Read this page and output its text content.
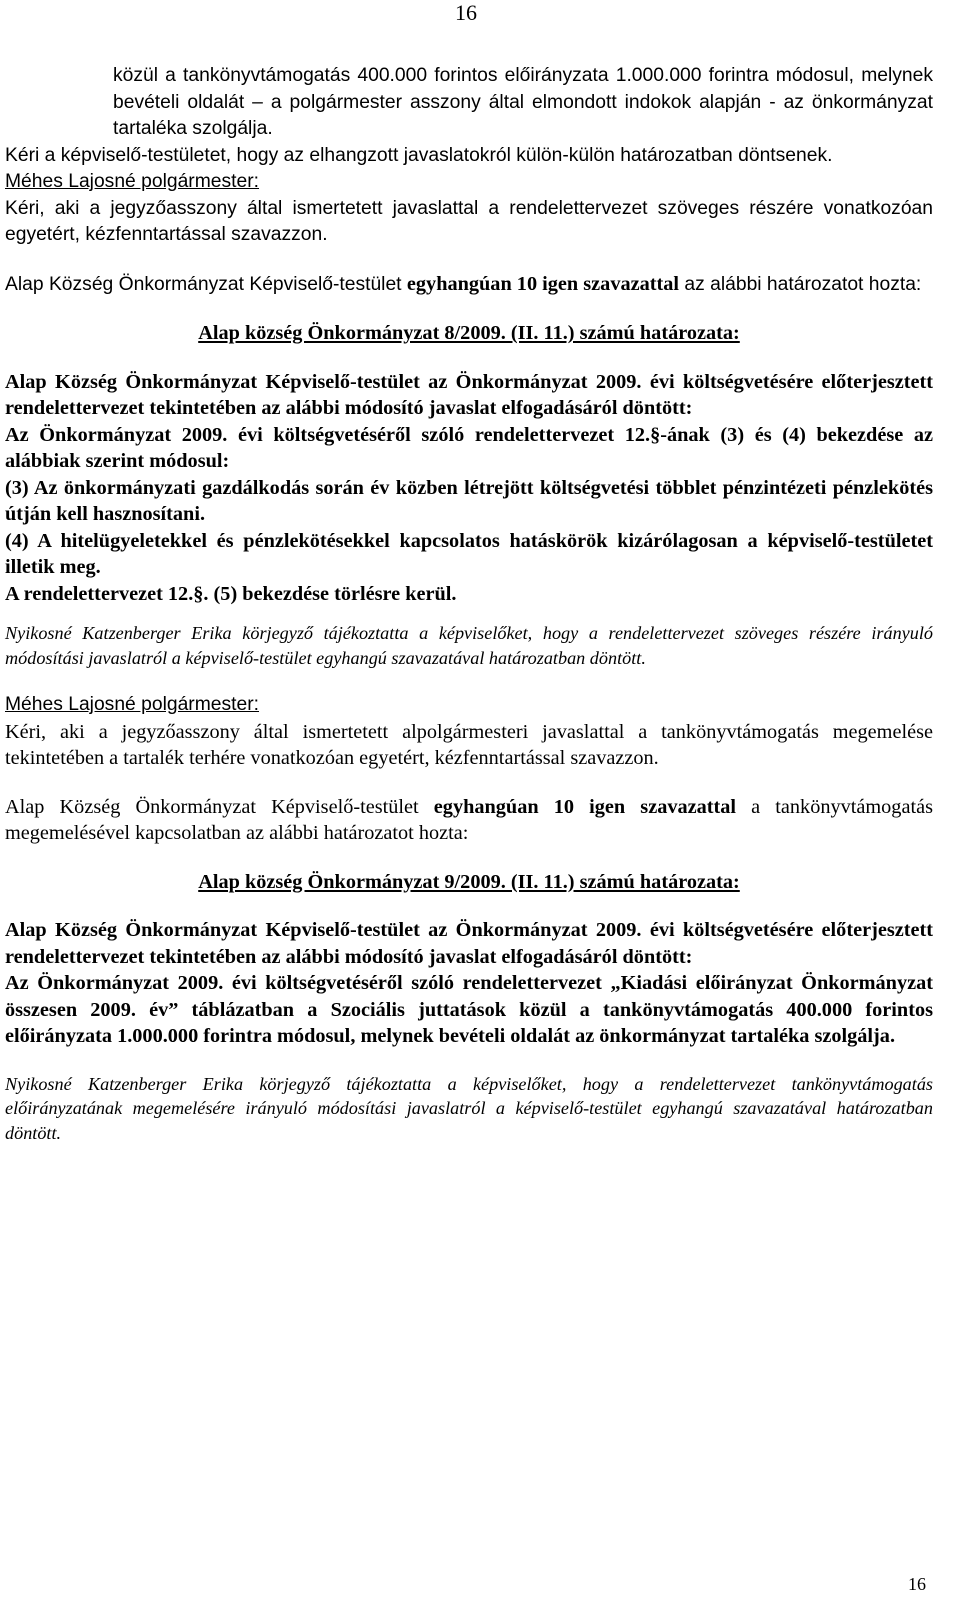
16

közül a tankönyvtámogatás 400.000 forintos előirányzata 1.000.000 forintra módosul, melynek bevételi oldalát – a polgármester asszony által elmondott indokok alapján - az önkormányzat tartaléka szolgálja.

Kéri a képviselő-testületet, hogy az elhangzott javaslatokról külön-külön határozatban döntsenek.

Méhes Lajosné polgármester:

Kéri, aki a jegyzőasszony által ismertetett javaslattal a rendelettervezet szöveges részére vonatkozóan egyetért, kézfenntartással szavazzon.

Alap Község Önkormányzat Képviselő-testület egyhangúan 10 igen szavazattal az alábbi határozatot hozta:

Alap község Önkormányzat 8/2009. (II. 11.) számú határozata:

Alap Község Önkormányzat Képviselő-testület az Önkormányzat 2009. évi költségvetésére előterjesztett rendelettervezet tekintetében az alábbi módosító javaslat elfogadásáról döntött:

Az Önkormányzat 2009. évi költségvetéséről szóló rendelettervezet 12.§-ának (3) és (4) bekezdése az alábbiak szerint módosul:

(3) Az önkormányzati gazdálkodás során év közben létrejött költségvetési többlet pénzintézeti pénzlekötés útján kell hasznosítani.

(4) A hitelügyeletekkel és pénzlekötésekkel kapcsolatos hatáskörök kizárólagosan a képviselő-testületet illetik meg.

A rendelettervezet 12.§. (5) bekezdése törlésre kerül.

Nyikosné Katzenberger Erika körjegyző tájékoztatta a képviselőket, hogy a rendelettervezet szöveges részére irányuló módosítási javaslatról a képviselő-testület egyhangú szavazatával határozatban döntött.

Méhes Lajosné polgármester:

Kéri, aki a jegyzőasszony által ismertetett alpolgármesteri javaslattal a tankönyvtámogatás megemelése tekintetében a tartalék terhére vonatkozóan egyetért, kézfenntartással szavazzon.

Alap Község Önkormányzat Képviselő-testület egyhangúan 10 igen szavazattal a tankönyvtámogatás megemelésével kapcsolatban az alábbi határozatot hozta:

Alap község Önkormányzat 9/2009. (II. 11.) számú határozata:

Alap Község Önkormányzat Képviselő-testület az Önkormányzat 2009. évi költségvetésére előterjesztett rendelettervezet tekintetében az alábbi módosító javaslat elfogadásáról döntött:

Az Önkormányzat 2009. évi költségvetéséről szóló rendelettervezet „Kiadási előirányzat Önkormányzat összesen 2009. év” táblázatban a Szociális juttatások közül a tankönyvtámogatás 400.000 forintos előirányzata 1.000.000 forintra módosul, melynek bevételi oldalát az önkormányzat tartaléka szolgálja.

Nyikosné Katzenberger Erika körjegyző tájékoztatta a képviselőket, hogy a rendelettervezet tankönyvtámogatás előirányzatának megemelésére irányuló módosítási javaslatról a képviselő-testület egyhangú szavazatával határozatban döntött.

16
